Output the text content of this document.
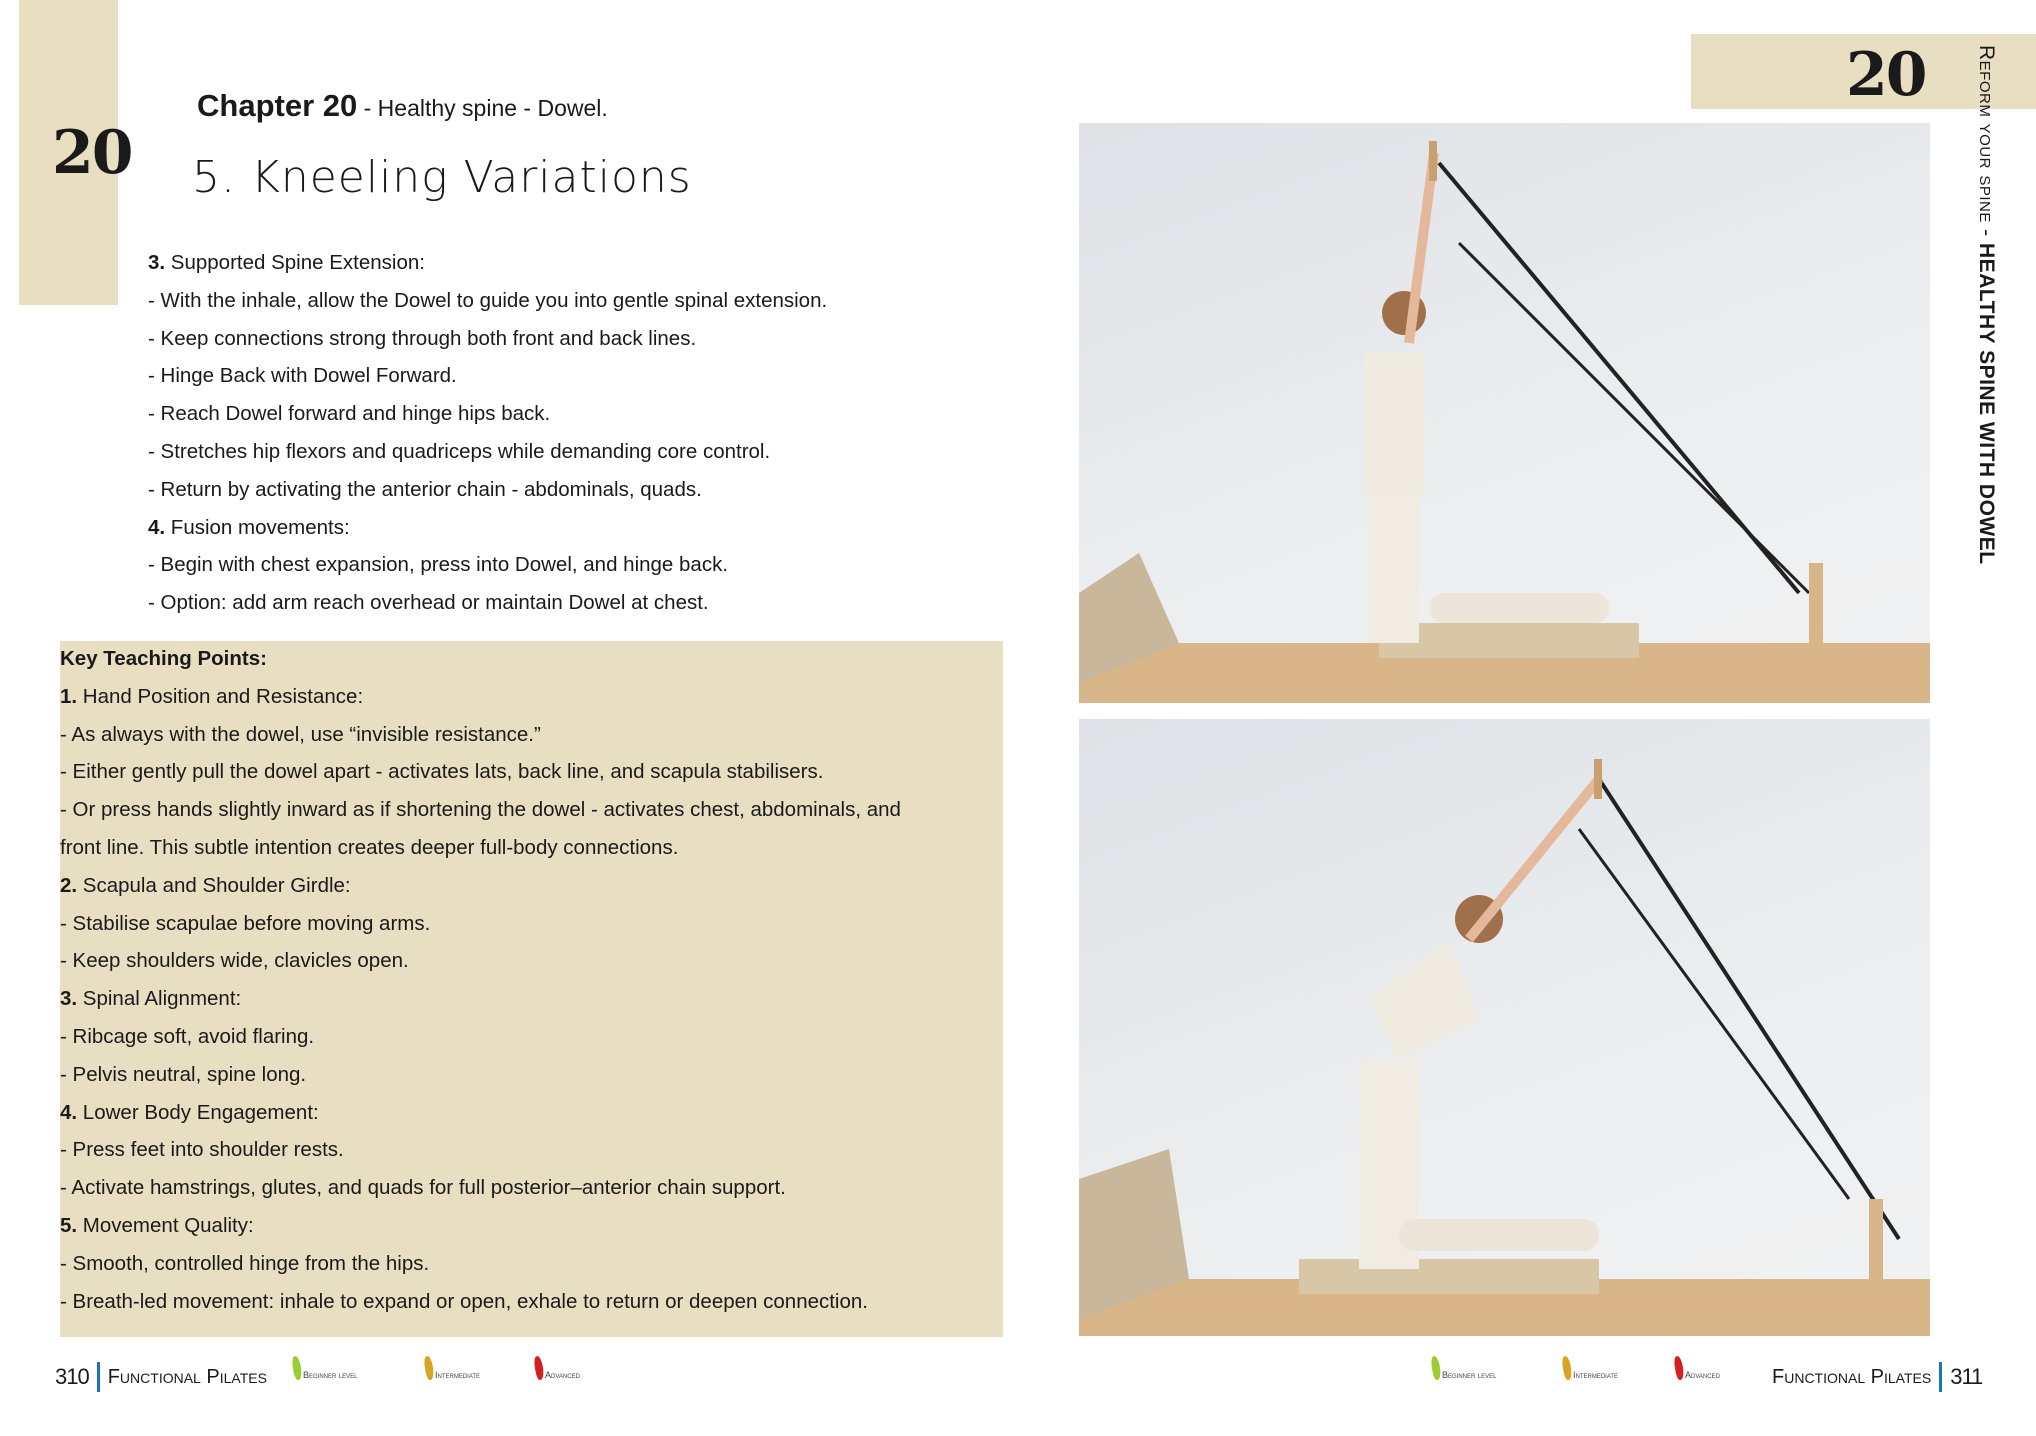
20
Chapter 20 - Healthy spine - Dowel.
5. Kneeling Variations
3. Supported Spine Extension:
- With the inhale, allow the Dowel to guide you into gentle spinal extension.
- Keep connections strong through both front and back lines.
- Hinge Back with Dowel Forward.
- Reach Dowel forward and hinge hips back.
- Stretches hip flexors and quadriceps while demanding core control.
- Return by activating the anterior chain - abdominals, quads.
4. Fusion movements:
- Begin with chest expansion, press into Dowel, and hinge back.
- Option: add arm reach overhead or maintain Dowel at chest.
Key Teaching Points:
1. Hand Position and Resistance:
- As always with the dowel, use “invisible resistance.”
- Either gently pull the dowel apart - activates lats, back line, and scapula stabilisers.
- Or press hands slightly inward as if shortening the dowel - activates chest, abdominals, and
front line. This subtle intention creates deeper full-body connections.
2. Scapula and Shoulder Girdle:
- Stabilise scapulae before moving arms.
- Keep shoulders wide, clavicles open.
3. Spinal Alignment:
- Ribcage soft, avoid flaring.
- Pelvis neutral, spine long.
4. Lower Body Engagement:
- Press feet into shoulder rests.
- Activate hamstrings, glutes, and quads for full posterior–anterior chain support.
5. Movement Quality:
- Smooth, controlled hinge from the hips.
- Breath-led movement: inhale to expand or open, exhale to return or deepen connection.
20 Reform your spine - HEALTHY SPINE WITH DOWEL
310 Functional Pilates	Functional Pilates 311
Beginner level	Intermediate	Advanced	Beginner level	Intermediate	Advanced
